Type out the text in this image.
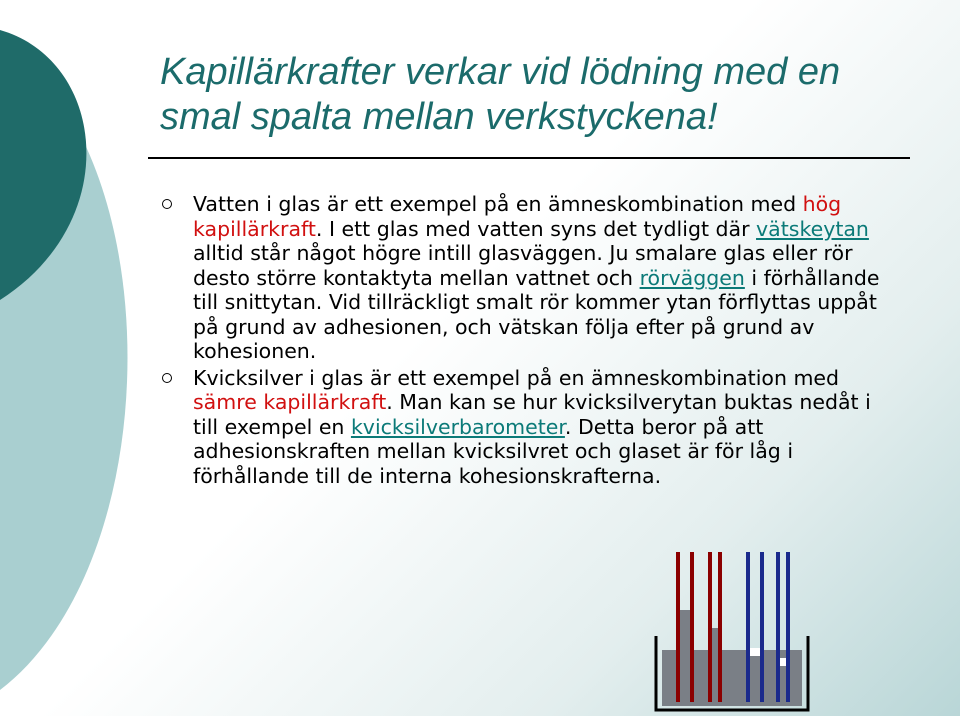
Kapillärkrafter verkar vid lödning med en smal spalta mellan verkstyckena!
Vatten i glas är ett exempel på en ämneskombination med hög kapillärkraft. I ett glas med vatten syns det tydligt där vätskeytan alltid står något högre intill glasväggen. Ju smalare glas eller rör desto större kontaktyta mellan vattnet och rörväggen i förhållande till snittytan. Vid tillräckligt smalt rör kommer ytan förflyttas uppåt på grund av adhesionen, och vätskan följa efter på grund av kohesionen.
Kvicksilver i glas är ett exempel på en ämneskombination med sämre kapillärkraft. Man kan se hur kvicksilverytan buktas nedåt i till exempel en kvicksilverbarometer. Detta beror på att adhesionskraften mellan kvicksilvret och glaset är för låg i förhållande till de interna kohesionskrafterna.
